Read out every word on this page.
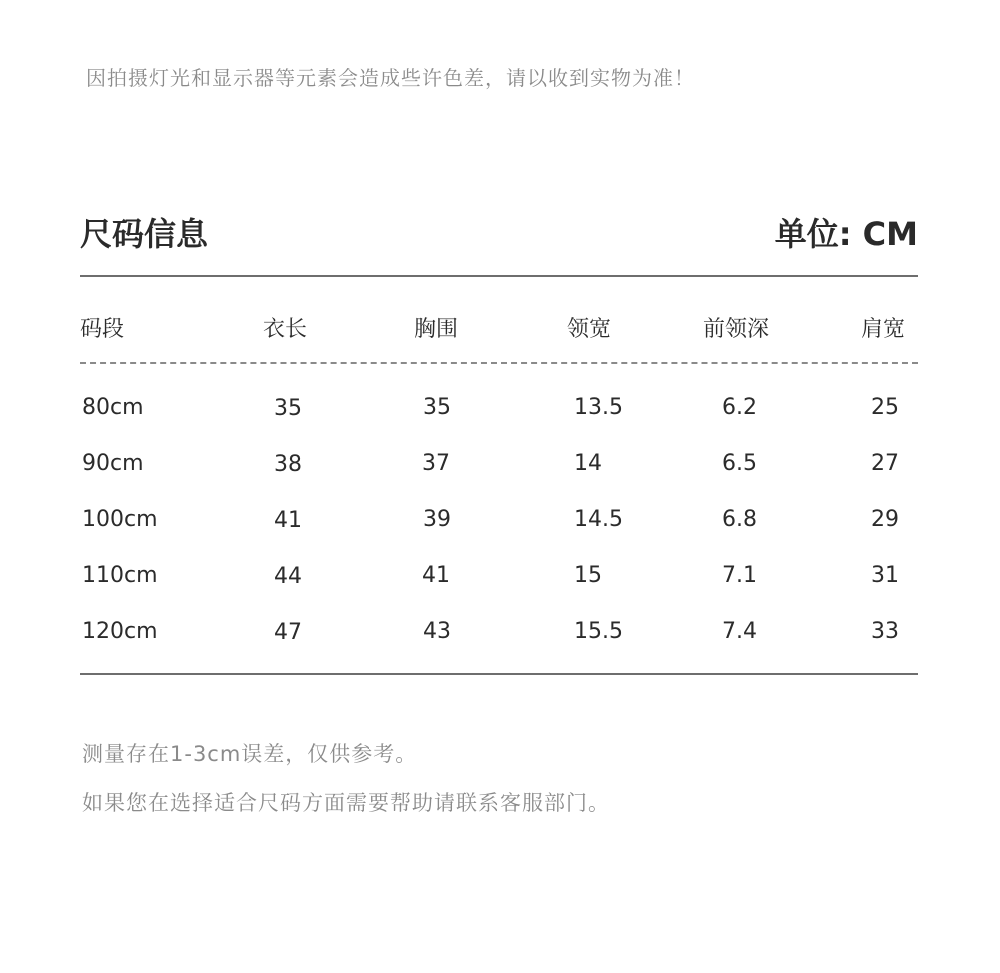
因拍摄灯光和显示器等元素会造成些许色差，请以收到实物为准！
尺码信息	单位: CM
码段	衣长	胸围	领宽	前领深	肩宽
80cm	35	35	13.5	6.2	25
90cm	38	37	14	6.5	27
100cm	41	39	14.5	6.8	29
110cm	44	41	15	7.1	31
120cm	47	43	15.5	7.4	33
测量存在1-3cm误差，仅供参考。
如果您在选择适合尺码方面需要帮助请联系客服部门。
